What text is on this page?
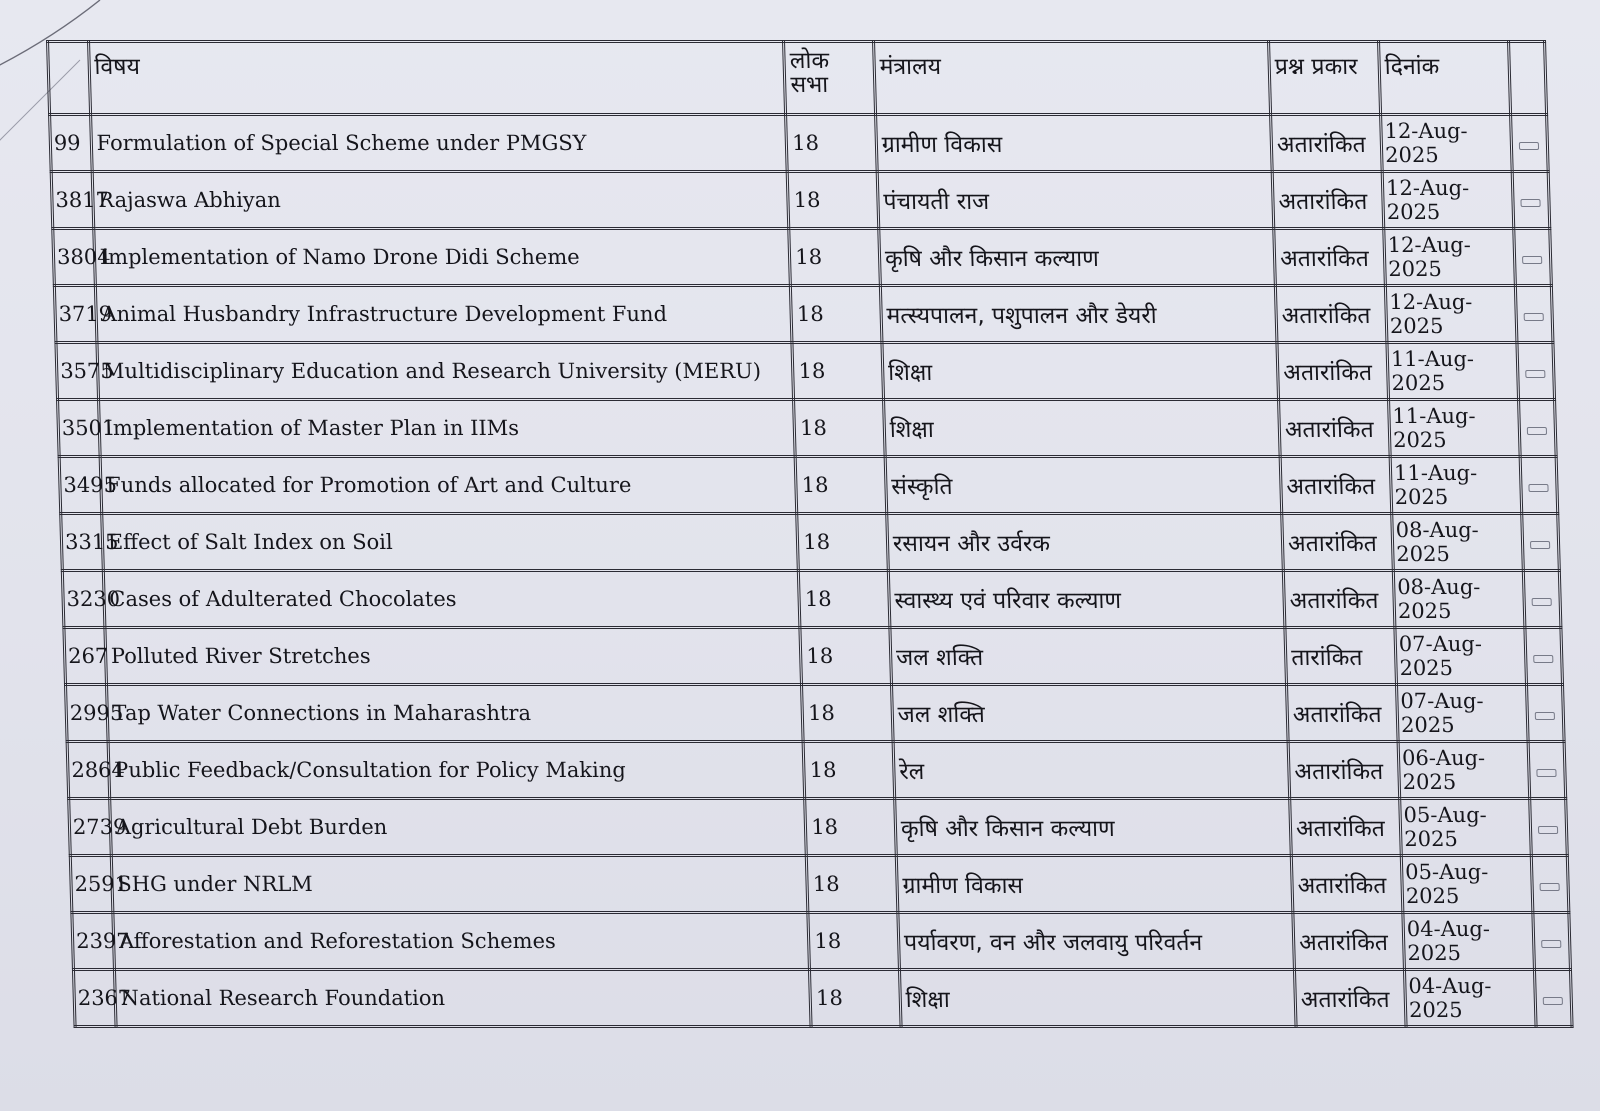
	विषय	लोक सभा	मंत्रालय	प्रश्न प्रकार	दिनांक	
99	Formulation of Special Scheme under PMGSY	18	ग्रामीण विकास	अतारांकित	12-Aug-2025	
3817	Rajaswa Abhiyan	18	पंचायती राज	अतारांकित	12-Aug-2025	
3804	Implementation of Namo Drone Didi Scheme	18	कृषि और किसान कल्याण	अतारांकित	12-Aug-2025	
3719	Animal Husbandry Infrastructure Development Fund	18	मत्स्यपालन, पशुपालन और डेयरी	अतारांकित	12-Aug-2025	
3575	Multidisciplinary Education and Research University (MERU)	18	शिक्षा	अतारांकित	11-Aug-2025	
3501	Implementation of Master Plan in IIMs	18	शिक्षा	अतारांकित	11-Aug-2025	
3495	Funds allocated for Promotion of Art and Culture	18	संस्कृति	अतारांकित	11-Aug-2025	
3315	Effect of Salt Index on Soil	18	रसायन और उर्वरक	अतारांकित	08-Aug-2025	
3230	Cases of Adulterated Chocolates	18	स्वास्थ्य एवं परिवार कल्याण	अतारांकित	08-Aug-2025	
267	Polluted River Stretches	18	जल शक्ति	तारांकित	07-Aug-2025	
2995	Tap Water Connections in Maharashtra	18	जल शक्ति	अतारांकित	07-Aug-2025	
2864	Public Feedback/Consultation for Policy Making	18	रेल	अतारांकित	06-Aug-2025	
2739	Agricultural Debt Burden	18	कृषि और किसान कल्याण	अतारांकित	05-Aug-2025	
2591	SHG under NRLM	18	ग्रामीण विकास	अतारांकित	05-Aug-2025	
2397	Afforestation and Reforestation Schemes	18	पर्यावरण, वन और जलवायु परिवर्तन	अतारांकित	04-Aug-2025	
2367	National Research Foundation	18	शिक्षा	अतारांकित	04-Aug-2025	
